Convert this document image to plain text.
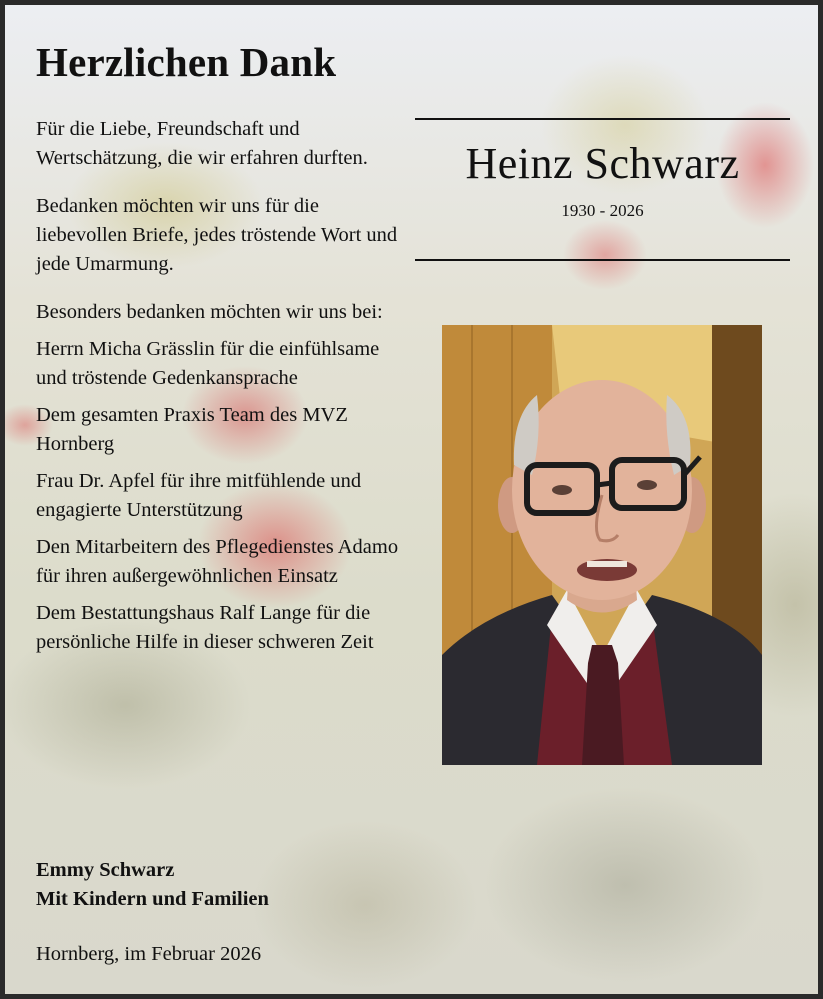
Herzlichen Dank

Für die Liebe, Freundschaft und Wertschätzung, die wir erfahren durften.

Bedanken möchten wir uns für die liebevollen Briefe, jedes tröstende Wort und jede Umarmung.

Besonders bedanken möchten wir uns bei:

Herrn Micha Grässlin für die einfühlsame und tröstende Gedenkansprache

Dem gesamten Praxis Team des MVZ Hornberg

Frau Dr. Apfel für ihre mitfühlende und engagierte Unterstützung

Den Mitarbeitern des Pflegedienstes Adamo für ihren außergewöhnlichen Einsatz

Dem Bestattungshaus Ralf Lange für die persönliche Hilfe in dieser schweren Zeit

Emmy Schwarz
Mit Kindern und Familien
Hornberg, im Februar 2026
Heinz Schwarz
1930 - 2026
